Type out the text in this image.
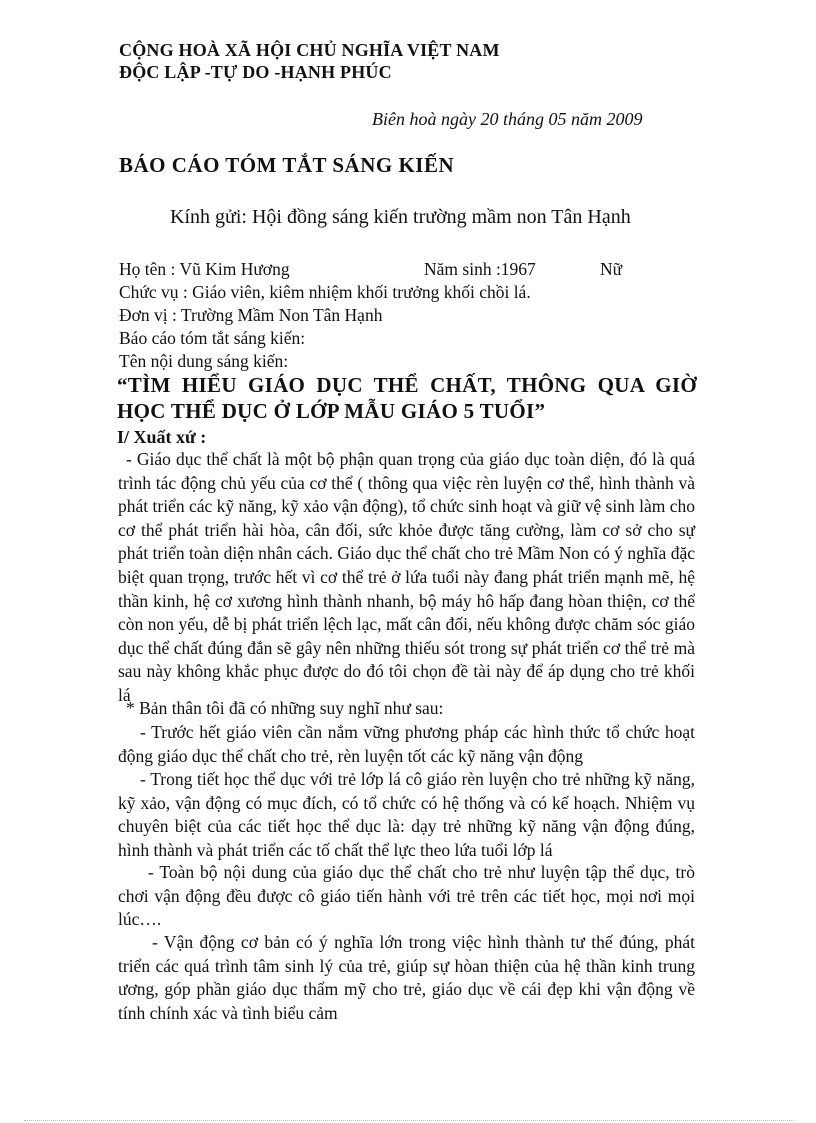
CỘNG HOÀ XÃ HỘI CHỦ NGHĨA VIỆT NAM
ĐỘC LẬP -TỰ DO -HẠNH PHÚC
Biên hoà ngày 20 tháng 05 năm 2009
BÁO CÁO TÓM TẮT SÁNG KIẾN
Kính gửi: Hội đồng sáng kiến trường mầm non Tân Hạnh
Họ tên : Vũ Kim Hương	Năm sinh :1967	Nữ
Chức vụ : Giáo viên, kiêm nhiệm khối trưởng khối chồi lá.
Đơn vị : Trường Mầm Non Tân Hạnh
Báo cáo tóm tắt sáng kiến:
Tên nội dung sáng kiến:
“TÌM HIỂU GIÁO DỤC THỂ CHẤT, THÔNG QUA GIỜ
HỌC THỂ DỤC Ở LỚP MẪU GIÁO 5 TUỔI”
I/ Xuất xứ :
- Giáo dục thể chất là một bộ phận quan trọng của giáo dục toàn diện, đó là quá trình tác động chủ yếu của cơ thể ( thông qua việc rèn luyện cơ thể, hình thành và phát triển các kỹ năng, kỹ xảo vận động), tổ chức sinh hoạt và giữ vệ sinh làm cho cơ thể phát triển hài hòa, cân đối, sức khỏe được tăng cường, làm cơ sở cho sự phát triển toàn diện nhân cách. Giáo dục thể chất cho trẻ Mầm Non có ý nghĩa đặc biệt quan trọng, trước hết vì cơ thể trẻ ở lứa tuổi này đang phát triển mạnh mẽ, hệ thần kinh, hệ cơ xương hình thành nhanh, bộ máy hô hấp đang hòan thiện, cơ thể còn non yếu, dễ bị phát triển lệch lạc, mất cân đối, nếu không được chăm sóc giáo dục thể chất đúng đắn sẽ gây nên những thiếu sót trong sự phát triển cơ thể trẻ mà sau này không khắc phục được do đó tôi chọn đề tài này để áp dụng cho trẻ khối lá
* Bản thân tôi đã có những suy nghĩ như sau:
- Trước hết giáo viên cần nắm vững phương pháp các hình thức tổ chức hoạt động giáo dục thể chất cho trẻ, rèn luyện tốt các kỹ năng vận động
- Trong tiết học thể dục với trẻ lớp lá cô giáo rèn luyện cho trẻ những kỹ năng, kỹ xảo, vận động có mục đích, có tổ chức có hệ thống và có kế hoạch. Nhiệm vụ chuyên biệt của các tiết học thể dục là: dạy trẻ những kỹ năng vận động đúng, hình thành và phát triển các tố chất thể lực theo lứa tuổi lớp lá
- Toàn bộ nội dung của giáo dục thể chất cho trẻ như luyện tập thể dục, trò chơi vận động đều được cô giáo tiến hành với trẻ trên các tiết học, mọi nơi mọi lúc….
- Vận động cơ bản có ý nghĩa lớn trong việc hình thành tư thế đúng, phát triển các quá trình tâm sinh lý của trẻ, giúp sự hòan thiện của hệ thần kinh trung ương, góp phần giáo dục thẩm mỹ cho trẻ, giáo dục về cái đẹp khi vận động về tính chính xác và tình biểu cảm
